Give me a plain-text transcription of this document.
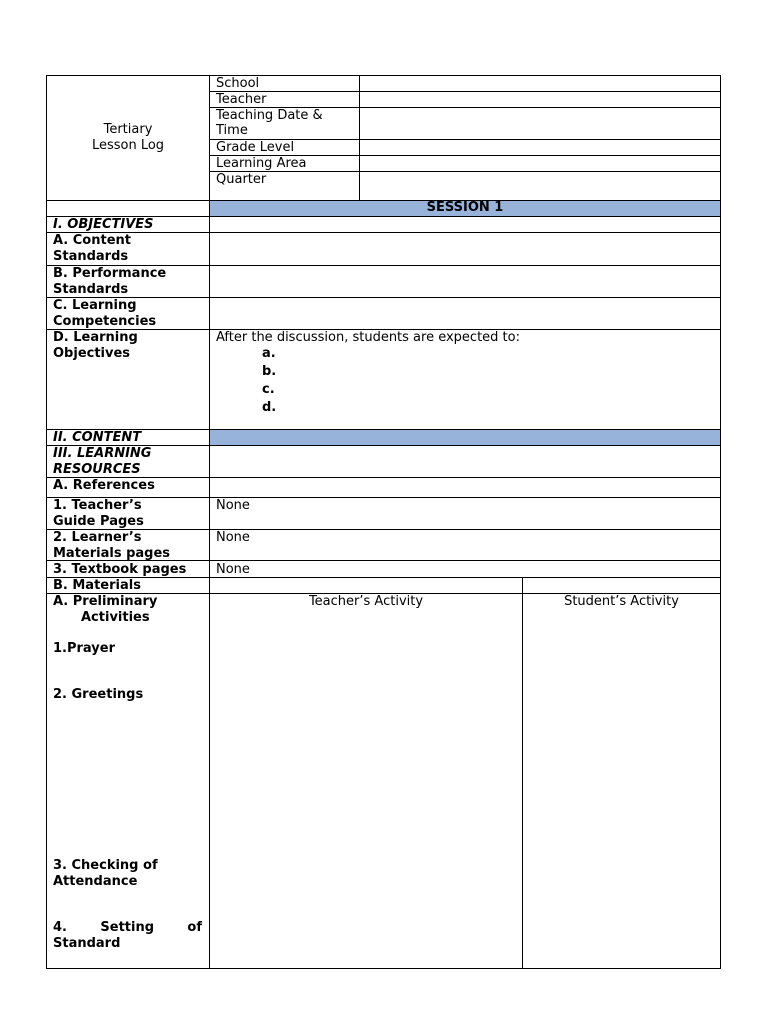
Tertiary
Lesson Log
School
Teacher
Teaching Date &
Time
Grade Level
Learning Area
Quarter
SESSION 1
I. OBJECTIVES
A. Content
Standards
B. Performance
Standards
C. Learning
Competencies
D. Learning
Objectives
After the discussion, students are expected to:
a.
b.
c.
d.
II. CONTENT
III. LEARNING
RESOURCES
A. References
1. Teacher’s
Guide Pages
None
2. Learner’s
Materials pages
None
3. Textbook pages None
B. Materials
Teacher’s Activity	Student’s Activity
A. Preliminary
Activities
1.Prayer
2. Greetings
3. Checking of
Attendance
4. Setting of
Standard
